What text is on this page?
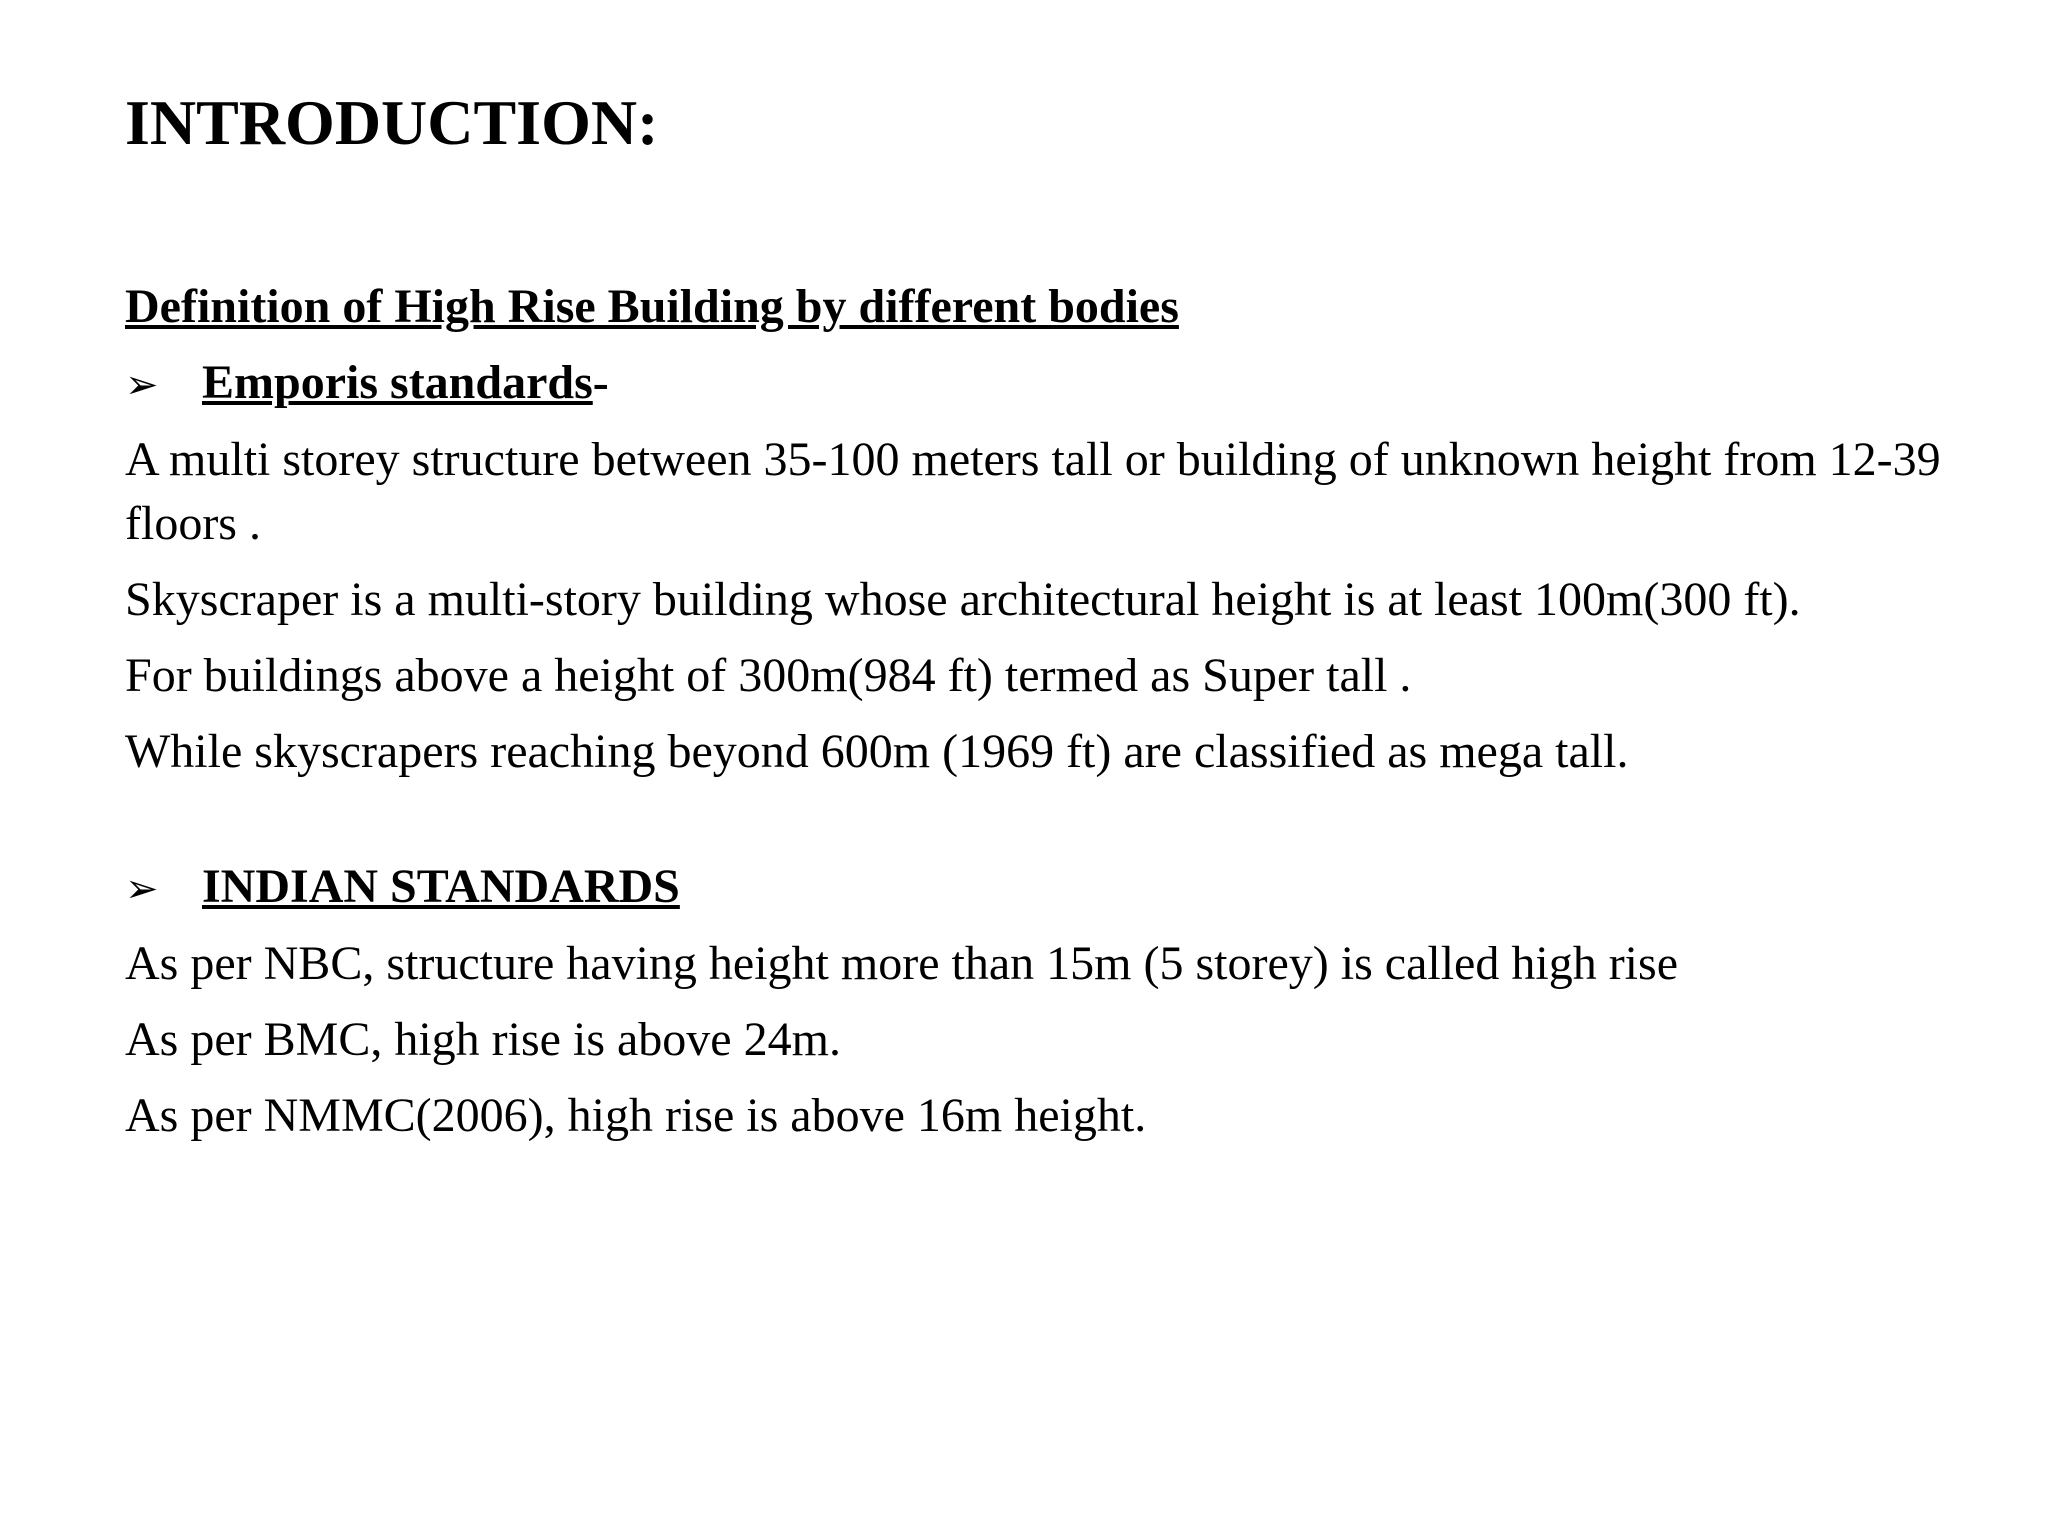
INTRODUCTION:
Definition of High Rise Building by different bodies
➢ Emporis standards -
A multi storey structure between 35-100 meters tall or building of unknown height from 12-39 floors .
Skyscraper is a multi-story building whose architectural height is at least 100m(300 ft).
For buildings above a height of 300m(984 ft) termed as Super tall .
While skyscrapers reaching beyond 600m (1969 ft) are classified as mega tall.
➢ INDIAN STANDARDS
As per NBC, structure having height more than 15m (5 storey) is called high rise
As per BMC, high rise is above 24m.
As per NMMC(2006), high rise is above 16m height.
